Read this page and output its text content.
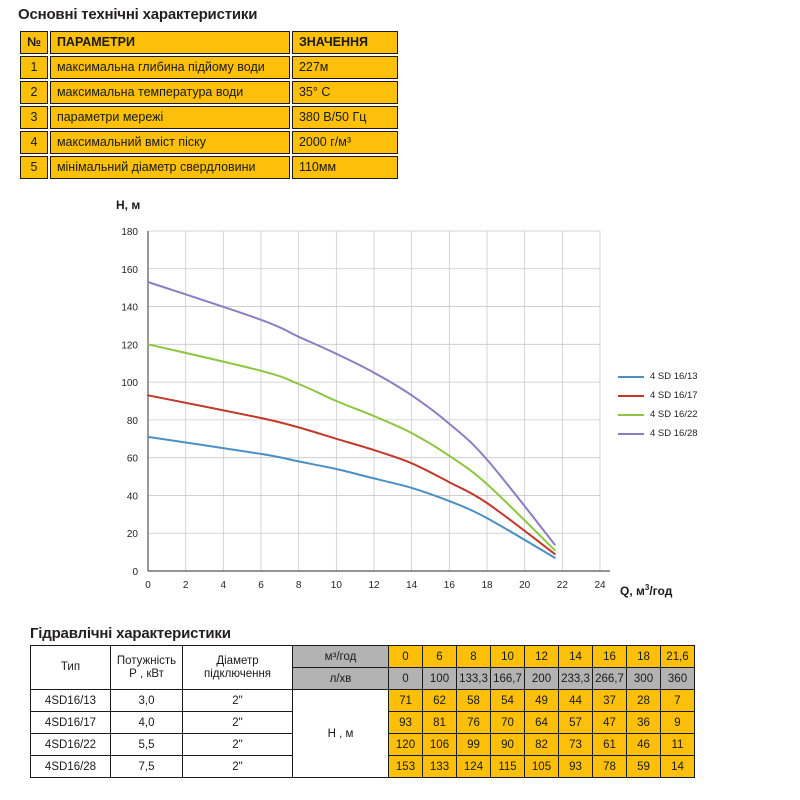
Основні технічні характеристики
№	ПАРАМЕТРИ	ЗНАЧЕННЯ
1	максимальна глибина підйому води	227м
2	максимальна температура води	35° С
3	параметри мережі	380 В/50 Гц
4	максимальний вміст піску	2000 г/м³
5	мінімальний діаметр свердловини	110мм
H, м
Q, $м^3$/год
0
20
40
60
80
100
120
140
160
180
0	2	4	6	8	10	12	14	16	18	20	22	24
4 SD 16/13
4 SD 16/17
4 SD 16/22
4 SD 16/28
Гідравлічні характеристики
Тип	
Потужність
Р , кВт

Діаметр
підключення
	м³/год	0	6	8	10	12	14	16	18	21,6
			л/хв	0	100	133,3	166,7	200	233,3	266,7	300	360
4SD16/13	3,0	2"	Н , м	71	62	58	54	49	44	37	28	7
4SD16/17	4,0	2"		93	81	76	70	64	57	47	36	9
4SD16/22	5,5	2"		120	106	99	90	82	73	61	46	11
4SD16/28	7,5	2"		153	133	124	115	105	93	78	59	14
